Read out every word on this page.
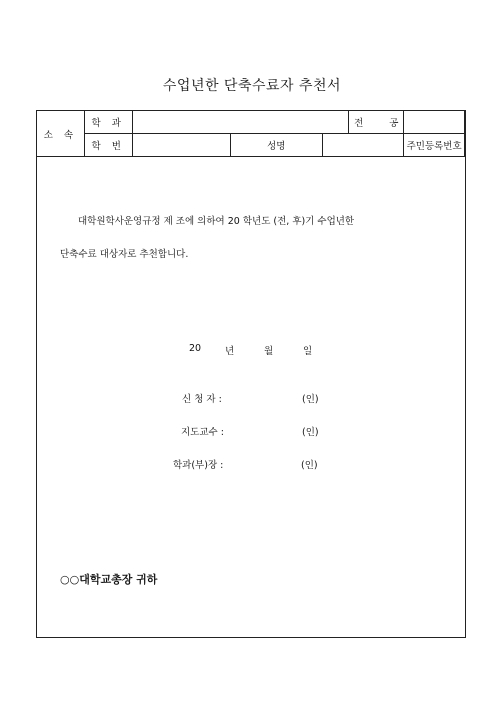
수업년한 단축수료자 추천서
소 속	학 과				전 공		
	학 번		성명			주민등록번호	
대학원학사운영규정 제 조에 의하여 20 학년도 (전, 후)기 수업년한
단축수료 대상자로 추천합니다.
20	년	월	일
신 청 자 :	(인)
지도교수 :	(인)
학과(부)장 :	(인)
○○대학교총장 귀하
